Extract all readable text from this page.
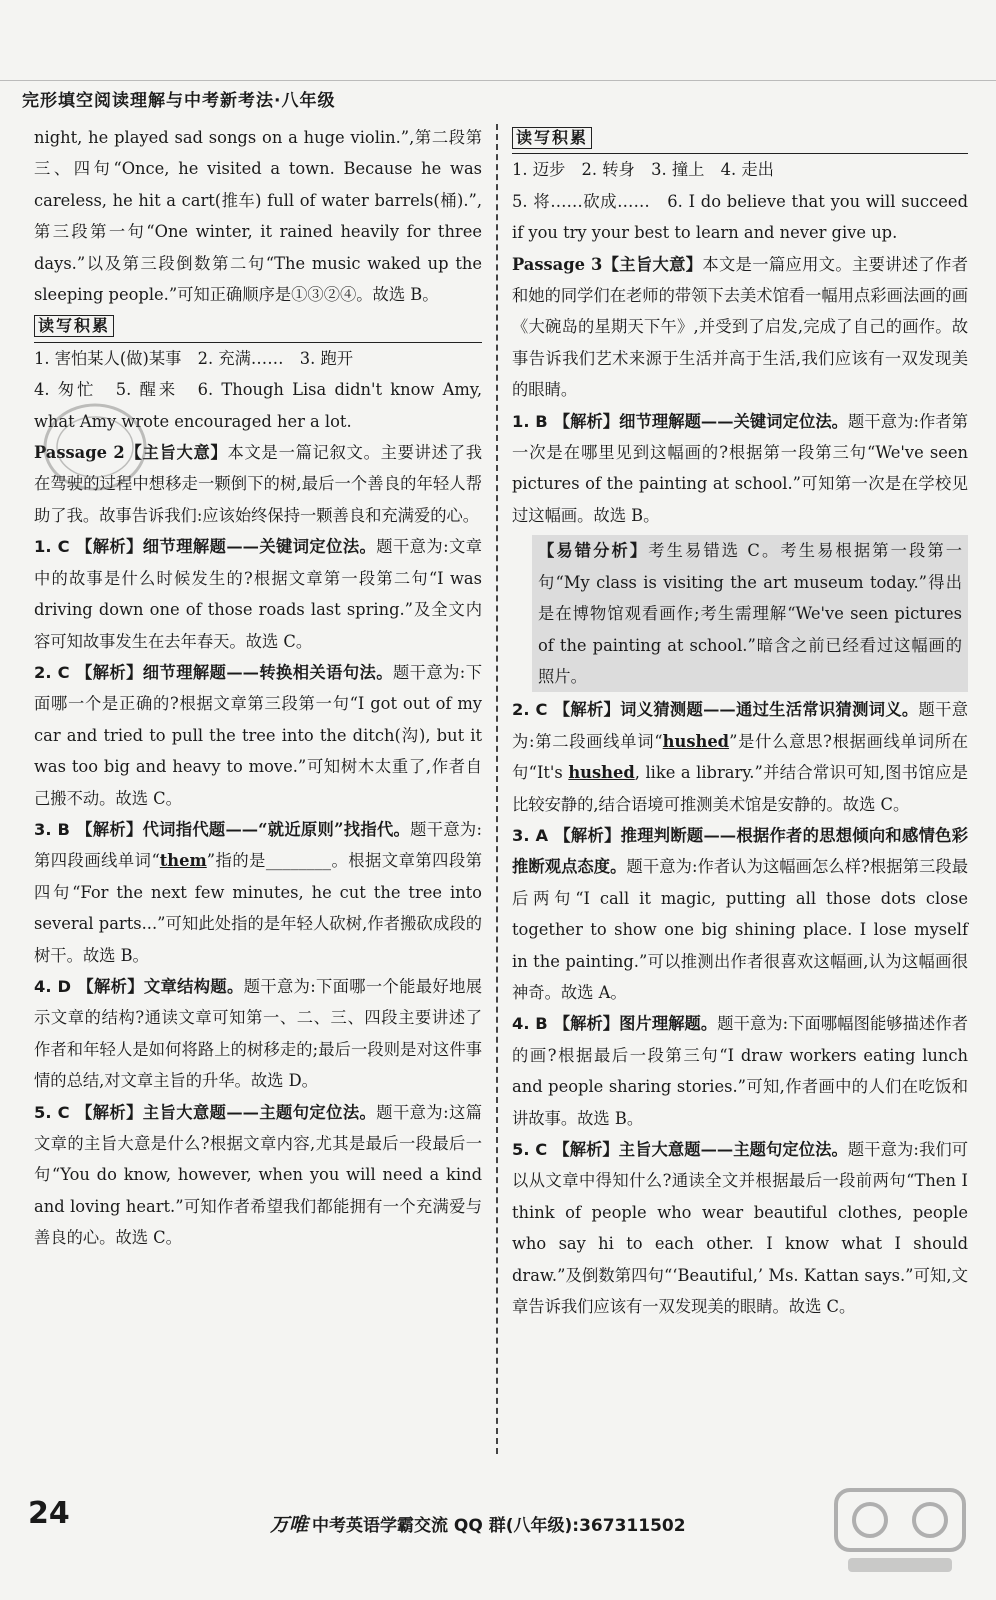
完形填空阅读理解与中考新考法·八年级

night, he played sad songs on a huge violin.”,第二段第三、四句“Once, he visited a town. Because he was careless, he hit a cart(推车) full of water barrels(桶).”,第三段第一句“One winter, it rained heavily for three days.”以及第三段倒数第二句“The music waked up the sleeping people.”可知正确顺序是①③②④。故选 B。

读写积累

1. 害怕某人(做)某事　2. 充满……　3. 跑开

4. 匆忙　5. 醒来　6. Though Lisa didn't know Amy, what Amy wrote encouraged her a lot.

Passage 2【主旨大意】本文是一篇记叙文。主要讲述了我在驾驶的过程中想移走一颗倒下的树,最后一个善良的年轻人帮助了我。故事告诉我们:应该始终保持一颗善良和充满爱的心。

1. C 【解析】细节理解题——关键词定位法。题干意为:文章中的故事是什么时候发生的?根据文章第一段第二句“I was driving down one of those roads last spring.”及全文内容可知故事发生在去年春天。故选 C。

2. C 【解析】细节理解题——转换相关语句法。题干意为:下面哪一个是正确的?根据文章第三段第一句“I got out of my car and tried to pull the tree into the ditch(沟), but it was too big and heavy to move.”可知树木太重了,作者自己搬不动。故选 C。

3. B 【解析】代词指代题——“就近原则”找指代。题干意为:第四段画线单词“them”指的是________。根据文章第四段第四句“For the next few minutes, he cut the tree into several parts...”可知此处指的是年轻人砍树,作者搬砍成段的树干。故选 B。

4. D 【解析】文章结构题。题干意为:下面哪一个能最好地展示文章的结构?通读文章可知第一、二、三、四段主要讲述了作者和年轻人是如何将路上的树移走的;最后一段则是对这件事情的总结,对文章主旨的升华。故选 D。

5. C 【解析】主旨大意题——主题句定位法。题干意为:这篇文章的主旨大意是什么?根据文章内容,尤其是最后一段最后一句“You do know, however, when you will need a kind and loving heart.”可知作者希望我们都能拥有一个充满爱与善良的心。故选 C。

读写积累

1. 迈步　2. 转身　3. 撞上　4. 走出

5. 将……砍成……　6. I do believe that you will succeed if you try your best to learn and never give up.

Passage 3【主旨大意】本文是一篇应用文。主要讲述了作者和她的同学们在老师的带领下去美术馆看一幅用点彩画法画的画《大碗岛的星期天下午》,并受到了启发,完成了自己的画作。故事告诉我们艺术来源于生活并高于生活,我们应该有一双发现美的眼睛。

1. B 【解析】细节理解题——关键词定位法。题干意为:作者第一次是在哪里见到这幅画的?根据第一段第三句“We've seen pictures of the painting at school.”可知第一次是在学校见过这幅画。故选 B。

【易错分析】考生易错选 C。考生易根据第一段第一句“My class is visiting the art museum today.”得出是在博物馆观看画作;考生需理解“We've seen pictures of the painting at school.”暗含之前已经看过这幅画的照片。

2. C 【解析】词义猜测题——通过生活常识猜测词义。题干意为:第二段画线单词“hushed”是什么意思?根据画线单词所在句“It's hushed, like a library.”并结合常识可知,图书馆应是比较安静的,结合语境可推测美术馆是安静的。故选 C。

3. A 【解析】推理判断题——根据作者的思想倾向和感情色彩推断观点态度。题干意为:作者认为这幅画怎么样?根据第三段最后两句“I call it magic, putting all those dots close together to show one big shining place. I lose myself in the painting.”可以推测出作者很喜欢这幅画,认为这幅画很神奇。故选 A。

4. B 【解析】图片理解题。题干意为:下面哪幅图能够描述作者的画?根据最后一段第三句“I draw workers eating lunch and people sharing stories.”可知,作者画中的人们在吃饭和讲故事。故选 B。

5. C 【解析】主旨大意题——主题句定位法。题干意为:我们可以从文章中得知什么?通读全文并根据最后一段前两句“Then I think of people who wear beautiful clothes, people who say hi to each other. I know what I should draw.”及倒数第四句“‘Beautiful,’ Ms. Kattan says.”可知,文章告诉我们应该有一双发现美的眼睛。故选 C。

24	万唯 中考英语学霸交流 QQ 群(八年级):367311502
